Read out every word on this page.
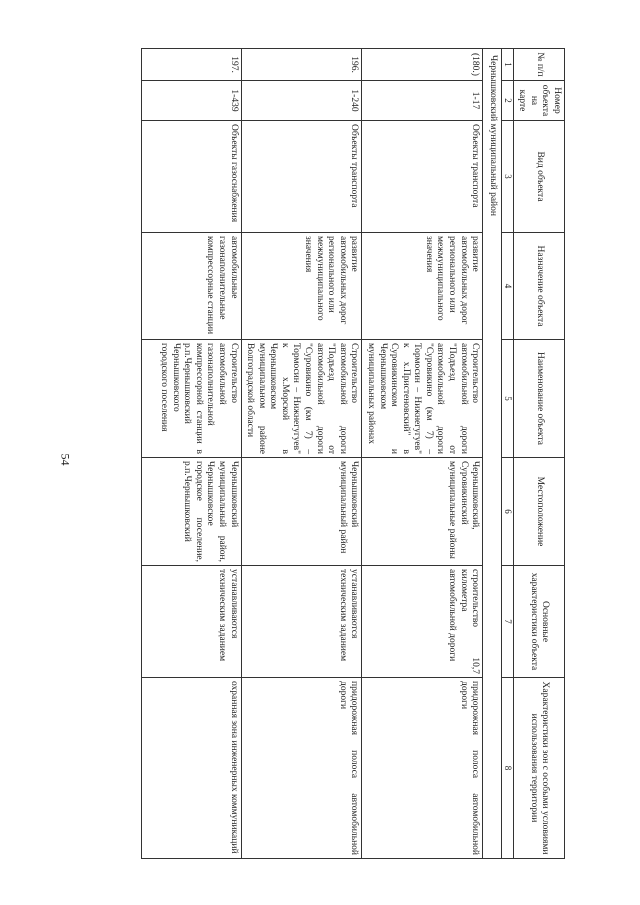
54
№ п/п	Номер объекта на карте	Вид объекта	Назначение объекта	Наименование объекта	Местоположение	Основные характеристики объекта	Характеристики зон с особыми условиями использования территории
1	2	3	4	5	6	7	8
Чернышковский муниципальный район							
(180.)	1-17	Объекты транспорта	развитие автомобильных дорог регионального или межмуниципального значения	Строительство автомобильной дороги "Подъезд от автомобильной дороги "Суровикино (км 7) – Тормосин – Нижнегугуев" к х.Пристеновский" в Суровикинском и Чернышковском муниципальных районах	Чернышковский, Суровикинский муниципальные районы	строительство 10,7 километра автомобильной дороги	придорожная полоса автомобильной дороги
196.	1-240	Объекты транспорта	развитие автомобильных дорог регионального или межмуниципального значения	Строительство автомобильной дороги "Подъезд от автомобильной дороги "Суровикино (км 7) – Тормосин – Нижнегугуев" к х.Морской в Чернышковском муниципальном районе Волгоградской области	Чернышковский муниципальный район	устанавливаются техническим заданием	придорожная полоса автомобильной дороги
197.	1-439	Объекты газоснабжения	автомобильные газонаполнительные компрессорные станции	Строительство автомобильной газонаполнительной компрессорной станции в р.п.Чернышковский Чернышковского городского поселения	Чернышковский муниципальный район, Чернышковское городское поселение, р.п.Чернышковский	устанавливаются техническим заданием	охранная зона инженерных коммуникаций
